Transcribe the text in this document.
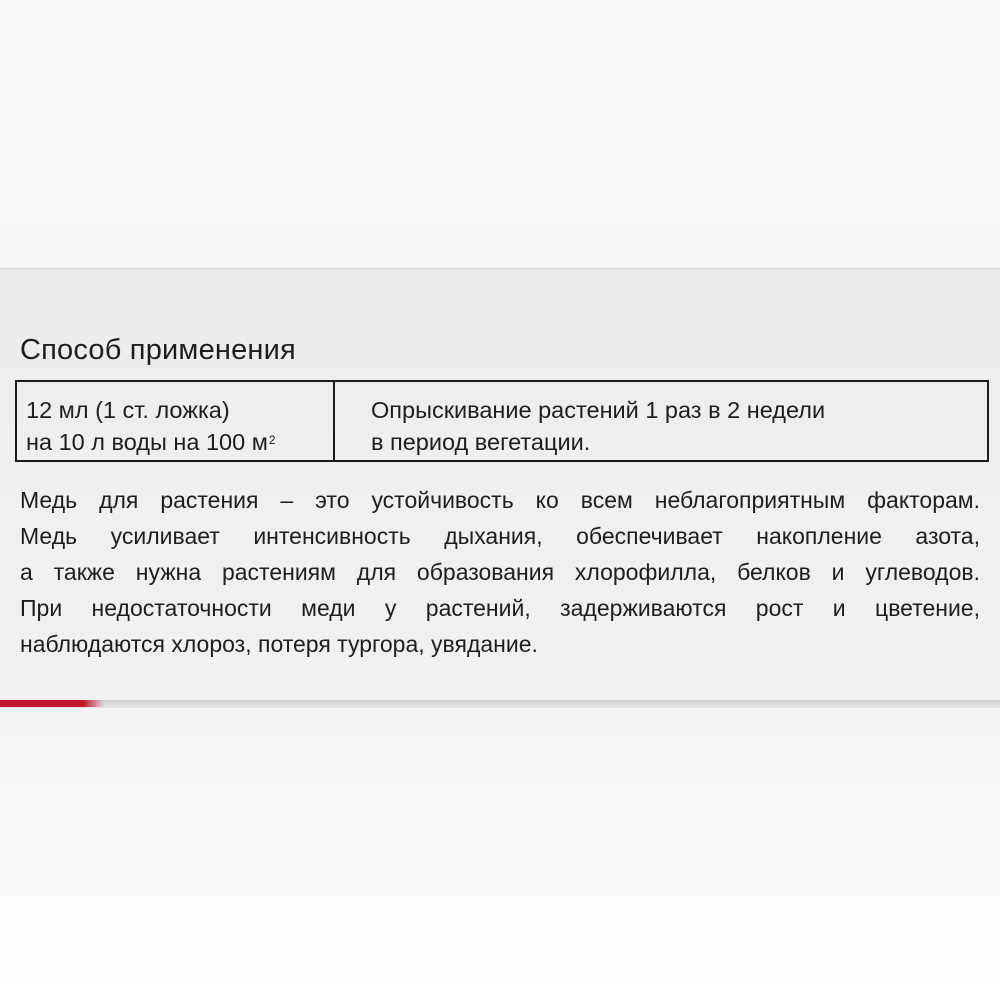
Способ применения
12 мл (1 ст. ложка)
на 10 л воды на 100 $м^2$
Опрыскивание растений 1 раз в 2 недели
в период вегетации.
Медь для растения – это устойчивость ко всем неблагоприятным факторам.
Медь усиливает интенсивность дыхания, обеспечивает накопление азота,
а также нужна растениям для образования хлорофилла, белков и углеводов.
При недостаточности меди у растений, задерживаются рост и цветение,
наблюдаются хлороз, потеря тургора, увядание.
